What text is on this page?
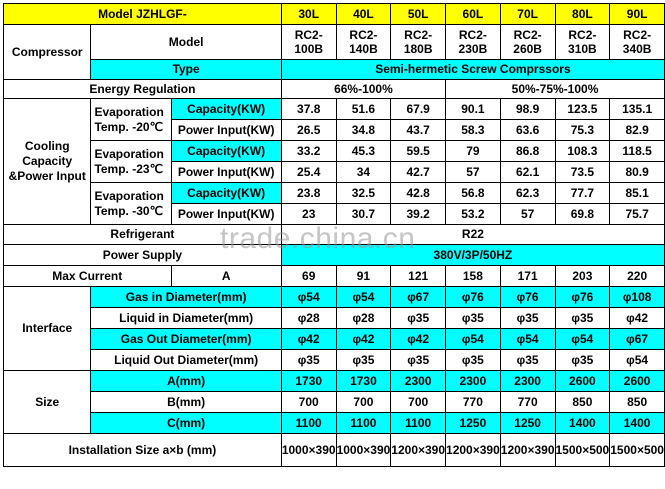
Model JZHLGF-			30L	40L	50L	60L	70L	80L	90L
Compressor	Model		RC2-100B	RC2-140B	RC2-180B	RC2-230B	RC2-260B	RC2-310B	RC2-340B
	Type		Semi-hermetic Screw Comprssors						
Energy Regulation			66%-100%			50%-75%-100%			
Cooling Capacity &Power Input	Evaporation Temp. -20℃	Capacity(KW)	37.8	51.6	67.9	90.1	98.9	123.5	135.1
		Power Input(KW)	26.5	34.8	43.7	58.3	63.6	75.3	82.9
	Evaporation Temp. -23℃	Capacity(KW)	33.2	45.3	59.5	79	86.8	108.3	118.5
		Power Input(KW)	25.4	34	42.7	57	62.1	73.5	80.9
	Evaporation Temp. -30℃	Capacity(KW)	23.8	32.5	42.8	56.8	62.3	77.7	85.1
		Power Input(KW)	23	30.7	39.2	53.2	57	69.8	75.7
Refrigerant			R22						
Power Supply			380V/3P/50HZ						
Max Current		A	69	91	121	158	171	203	220
Interface	Gas in Diameter(mm)		φ54	φ54	φ67	φ76	φ76	φ76	φ108
	Liquid in Diameter(mm)		φ28	φ28	φ35	φ35	φ35	φ35	φ42
	Gas Out Diameter(mm)		φ42	φ42	φ42	φ54	φ54	φ54	φ67
	Liquid Out Diameter(mm)		φ35	φ35	φ35	φ35	φ35	φ35	φ54
Size	A(mm)		1730	1730	2300	2300	2300	2600	2600
	B(mm)		700	700	700	770	770	850	850
	C(mm)		1100	1100	1100	1250	1250	1400	1400
Installation Size a×b (mm)			1000×390	1000×390	1200×390	1200×390	1200×390	1500×500	1500×500
trade.china.cn
